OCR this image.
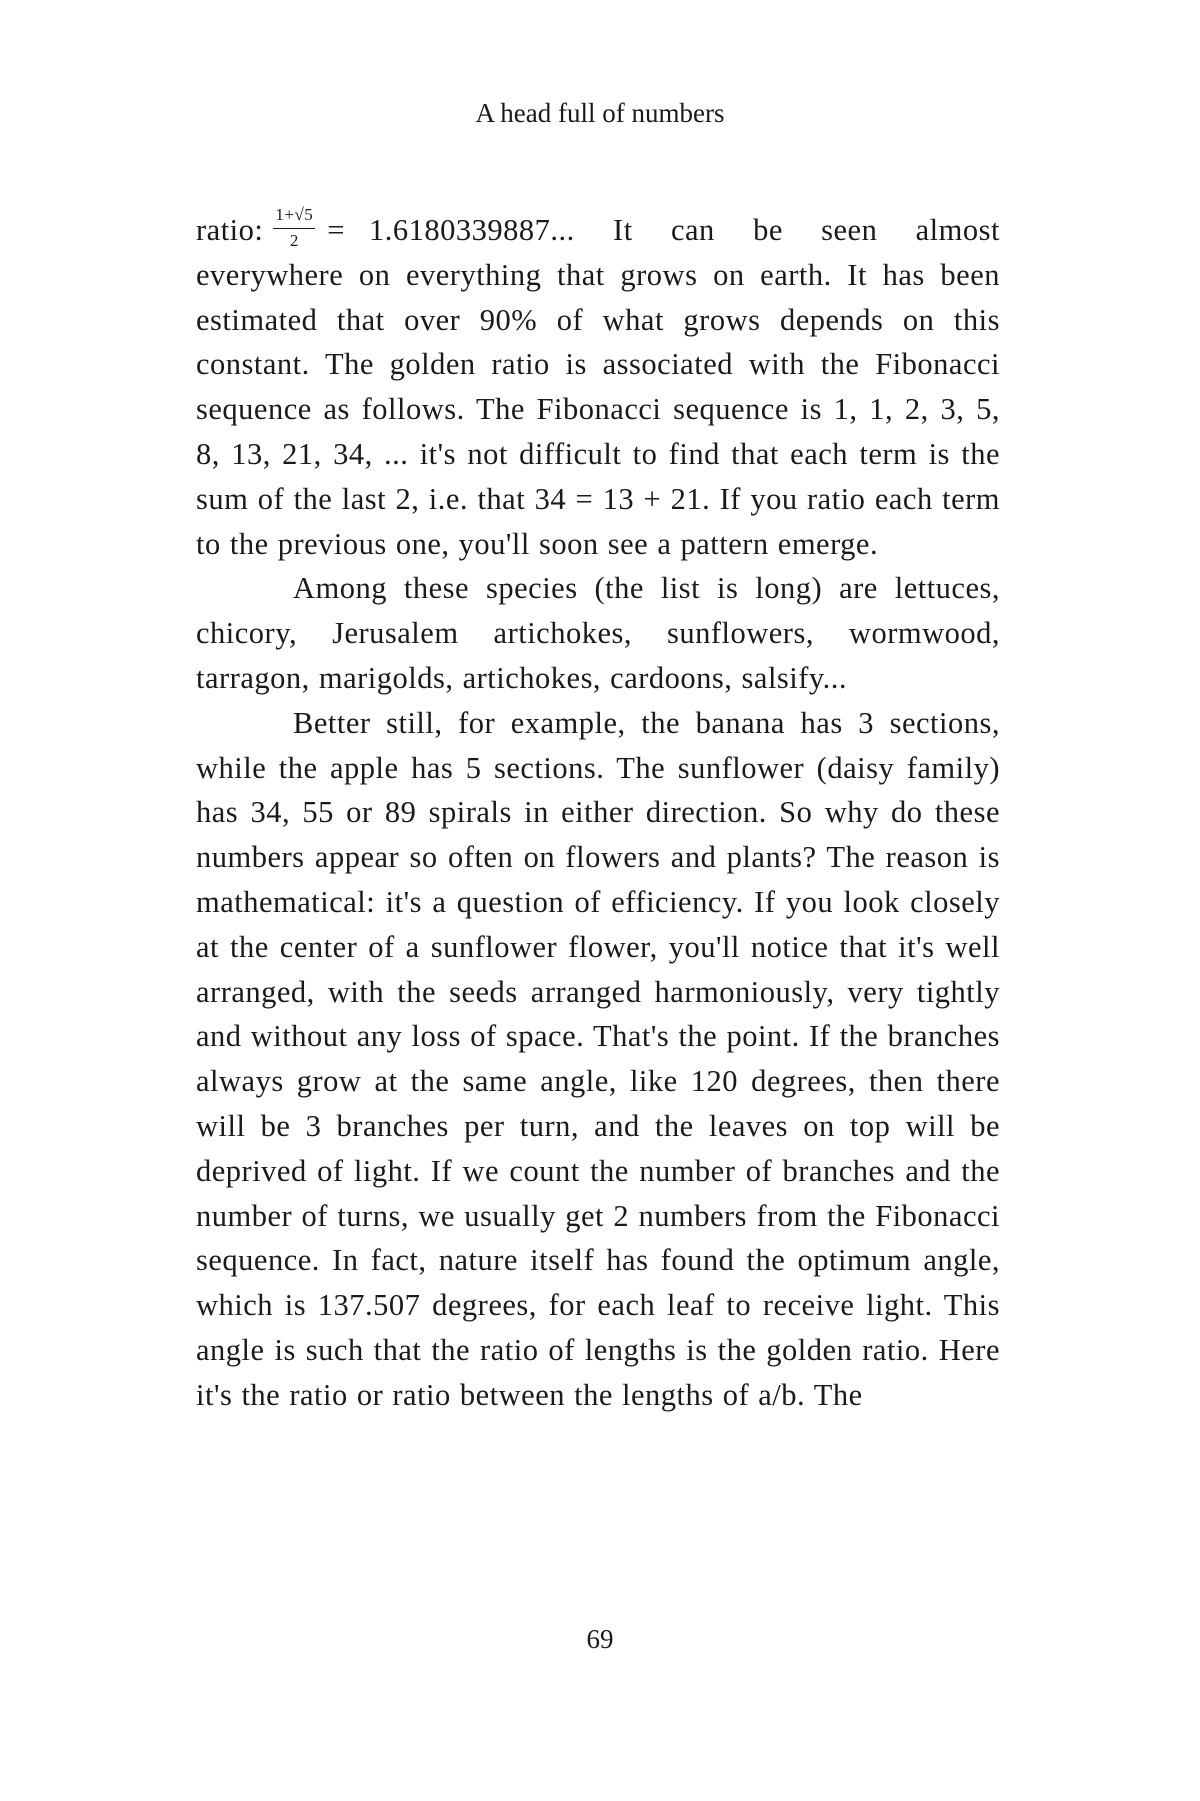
A head full of numbers
ratio: $\frac{1+√5}{2} = 1.6180339887$... It can be seen almost

everywhere on everything that grows on earth. It has been estimated that over 90% of what grows depends on this constant. The golden ratio is associated with the Fibonacci sequence as follows. The Fibonacci sequence is 1, 1, 2, 3, 5, 8, 13, 21, 34, ... it's not difficult to find that each term is the sum of the last 2, i.e. that 34 = 13 + 21. If you ratio each term to the previous one, you'll soon see a pattern emerge.

Among these species (the list is long) are lettuces, chicory, Jerusalem artichokes, sunflowers, wormwood, tarragon, marigolds, artichokes, cardoons, salsify...

Better still, for example, the banana has 3 sections, while the apple has 5 sections. The sunflower (daisy family) has 34, 55 or 89 spirals in either direction. So why do these numbers appear so often on flowers and plants? The reason is mathematical: it's a question of efficiency. If you look closely at the center of a sunflower flower, you'll notice that it's well arranged, with the seeds arranged harmoniously, very tightly and without any loss of space. That's the point. If the branches always grow at the same angle, like 120 degrees, then there will be 3 branches per turn, and the leaves on top will be deprived of light. If we count the number of branches and the number of turns, we usually get 2 numbers from the Fibonacci sequence. In fact, nature itself has found the optimum angle, which is 137.507 degrees, for each leaf to receive light. This angle is such that the ratio of lengths is the golden ratio. Here it's the ratio or ratio between the lengths of a/b. The

69
